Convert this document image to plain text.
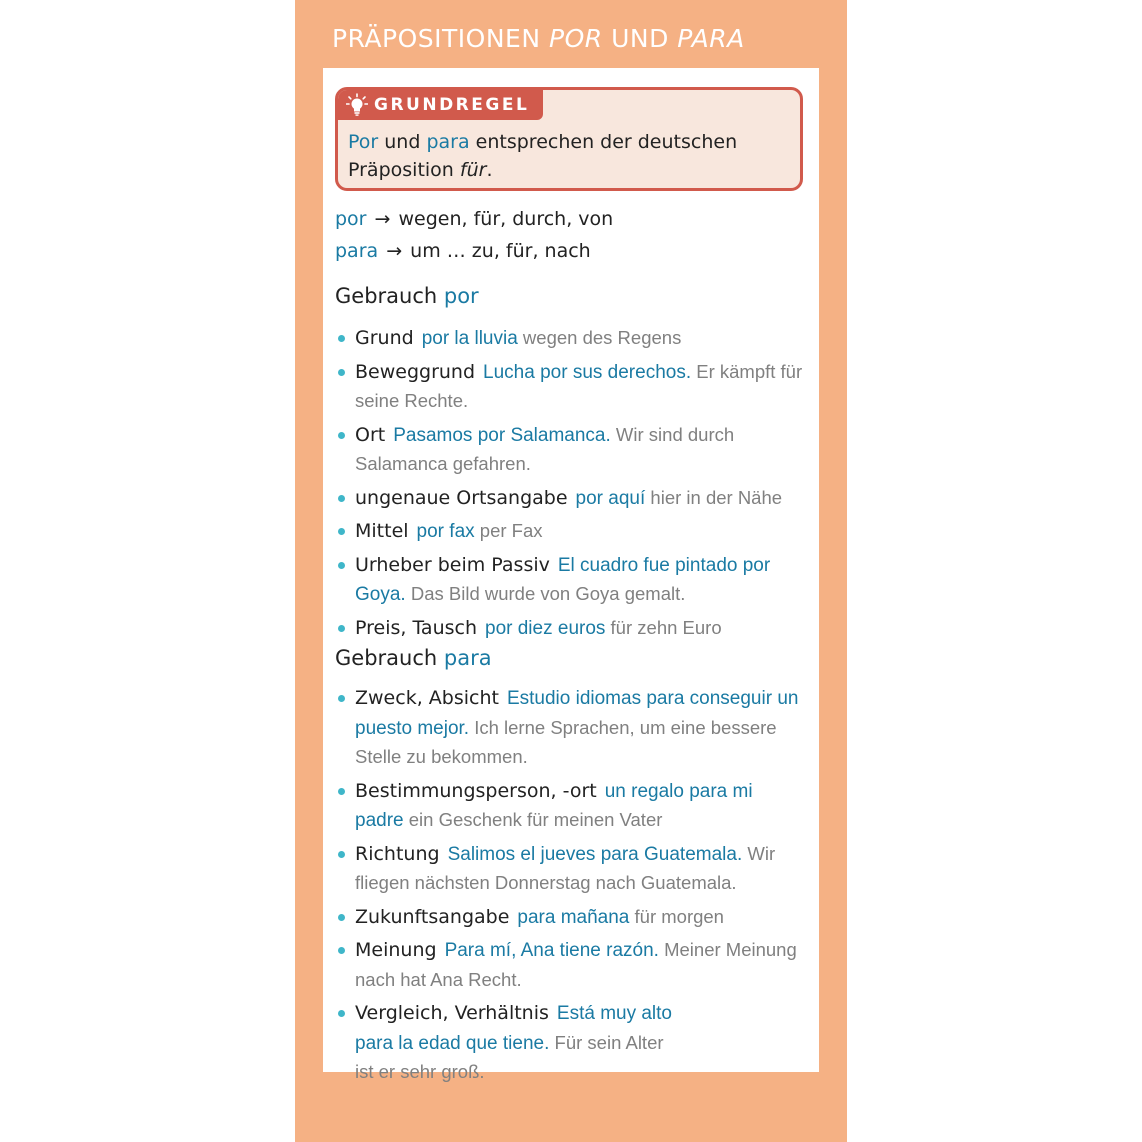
PRÄPOSITIONEN POR UND PARA
GRUNDREGEL

Por und para entsprechen der deutschen Präposition für.

por → wegen, für, durch, von
para → um … zu, für, nach
Gebrauch por
Grund por la lluvia wegen des Regens
Beweggrund Lucha por sus derechos. Er kämpft für seine Rechte.
Ort Pasamos por Salamanca. Wir sind durch Salamanca gefahren.
ungenaue Ortsangabe por aquí hier in der Nähe
Mittel por fax per Fax
Urheber beim Passiv El cuadro fue pintado por Goya. Das Bild wurde von Goya gemalt.
Preis, Tausch por diez euros für zehn Euro
Gebrauch para
Zweck, Absicht Estudio idiomas para conseguir un puesto mejor. Ich lerne Sprachen, um eine bessere Stelle zu bekommen.
Bestimmungsperson, -ort un regalo para mi padre ein Geschenk für meinen Vater
Richtung Salimos el jueves para Guatemala. Wir fliegen nächsten Donnerstag nach Guatemala.
Zukunftsangabe para mañana für morgen
Meinung Para mí, Ana tiene razón. Meiner Meinung nach hat Ana Recht.
Vergleich, Verhältnis Está muy alto para la edad que tiene. Für sein Alter ist er sehr groß.
